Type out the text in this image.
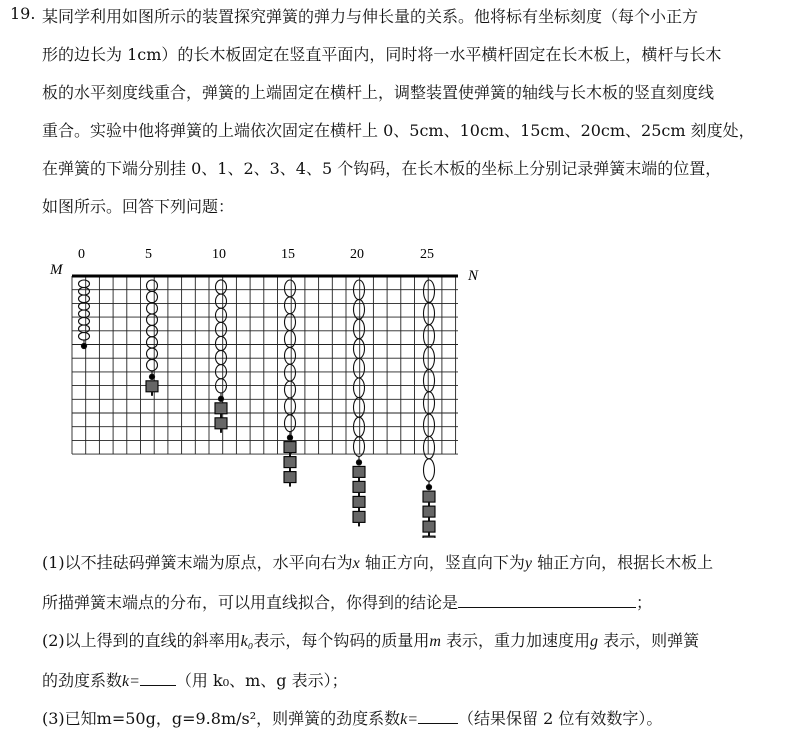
19. 某同学利用如图所示的装置探究弹簧的弹力与伸长量的关系。他将标有坐标刻度（每个小正方
形的边长为 1cm）的长木板固定在竖直平面内，同时将一水平横杆固定在长木板上，横杆与长木
板的水平刻度线重合，弹簧的上端固定在横杆上，调整装置使弹簧的轴线与长木板的竖直刻度线
重合。实验中他将弹簧的上端依次固定在横杆上 0、5cm、10cm、15cm、20cm、25cm 刻度处，
在弹簧的下端分别挂 0、1、2、3、4、5 个钩码，在长木板的坐标上分别记录弹簧末端的位置，
如图所示。回答下列问题：
M	N
0	5	10	15	20	25
(1)以不挂砝码弹簧末端为原点，水平向右为x 轴正方向，竖直向下为y 轴正方向，根据长木板上
所描弹簧末端点的分布，可以用直线拟合，你得到的结论是	；
(2)以上得到的直线的斜率用k₀表示，每个钩码的质量用m 表示，重力加速度用g 表示，则弹簧
的劲度系数k= （用 k₀、m、g 表示）；
(3)已知m=50g，g=9.8m/s²，则弹簧的劲度系数k=	（结果保留 2 位有效数字）。
